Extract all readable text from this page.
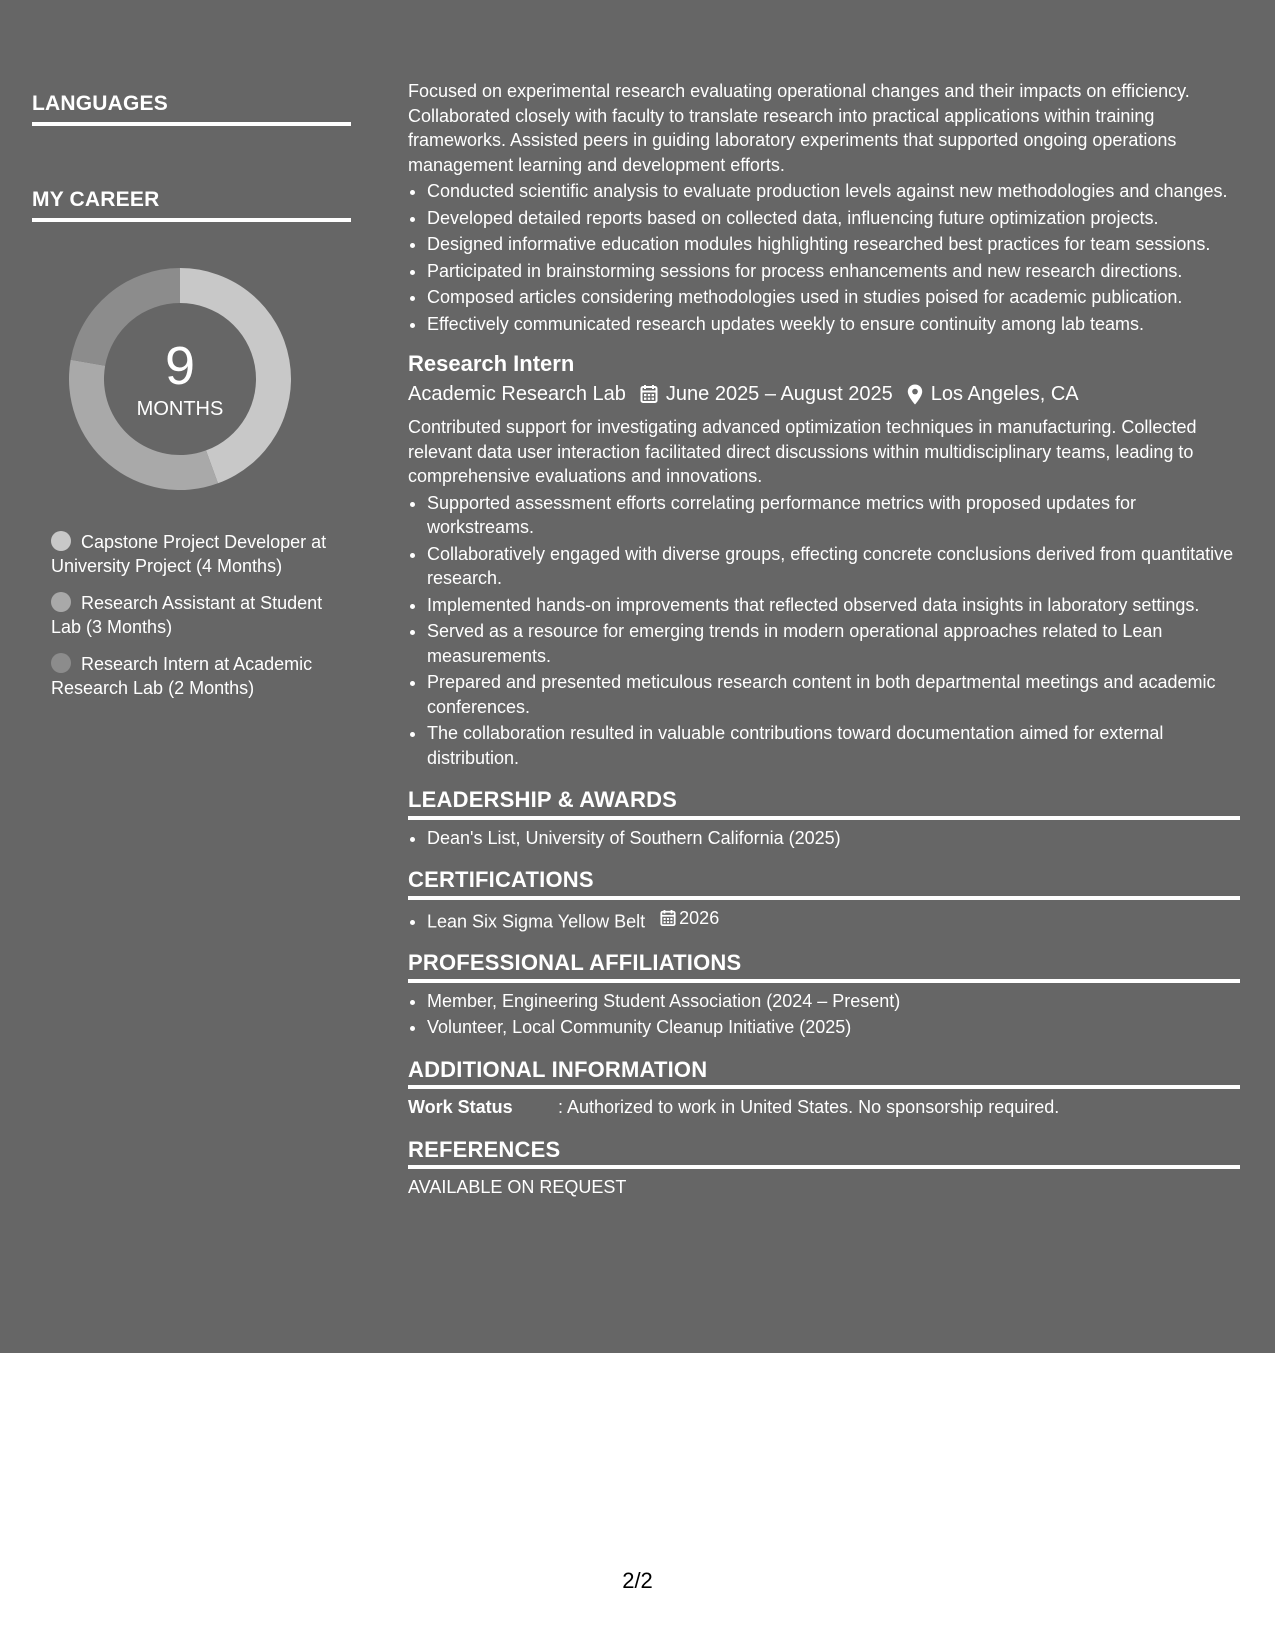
LANGUAGES
MY CAREER
9
MONTHS
Capstone Project Developer at University Project (4 Months)
Research Assistant at Student Lab (3 Months)
Research Intern at Academic Research Lab (2 Months)

Focused on experimental research evaluating operational changes and their impacts on efficiency. Collaborated closely with faculty to translate research into practical applications within training frameworks. Assisted peers in guiding laboratory experiments that supported ongoing operations management learning and development efforts.

• Conducted scientific analysis to evaluate production levels against new methodologies and changes.
• Developed detailed reports based on collected data, influencing future optimization projects.
• Designed informative education modules highlighting researched best practices for team sessions.
• Participated in brainstorming sessions for process enhancements and new research directions.
• Composed articles considering methodologies used in studies poised for academic publication.
• Effectively communicated research updates weekly to ensure continuity among lab teams.
Research Intern
Academic Research Lab June 2025 – August 2025 Los Angeles, CA

Contributed support for investigating advanced optimization techniques in manufacturing. Collected relevant data user interaction facilitated direct discussions within multidisciplinary teams, leading to comprehensive evaluations and innovations.

• Supported assessment efforts correlating performance metrics with proposed updates for workstreams.
• Collaboratively engaged with diverse groups, effecting concrete conclusions derived from quantitative research.
• Implemented hands-on improvements that reflected observed data insights in laboratory settings.
• Served as a resource for emerging trends in modern operational approaches related to Lean measurements.
• Prepared and presented meticulous research content in both departmental meetings and academic conferences.
• The collaboration resulted in valuable contributions toward documentation aimed for external distribution.
LEADERSHIP & AWARDS
• Dean's List, University of Southern California (2025)
CERTIFICATIONS
• Lean Six Sigma Yellow Belt 2026
PROFESSIONAL AFFILIATIONS
• Member, Engineering Student Association (2024 – Present)
• Volunteer, Local Community Cleanup Initiative (2025)
ADDITIONAL INFORMATION
Work Status	: Authorized to work in United States. No sponsorship required.
REFERENCES
AVAILABLE ON REQUEST
2/2
